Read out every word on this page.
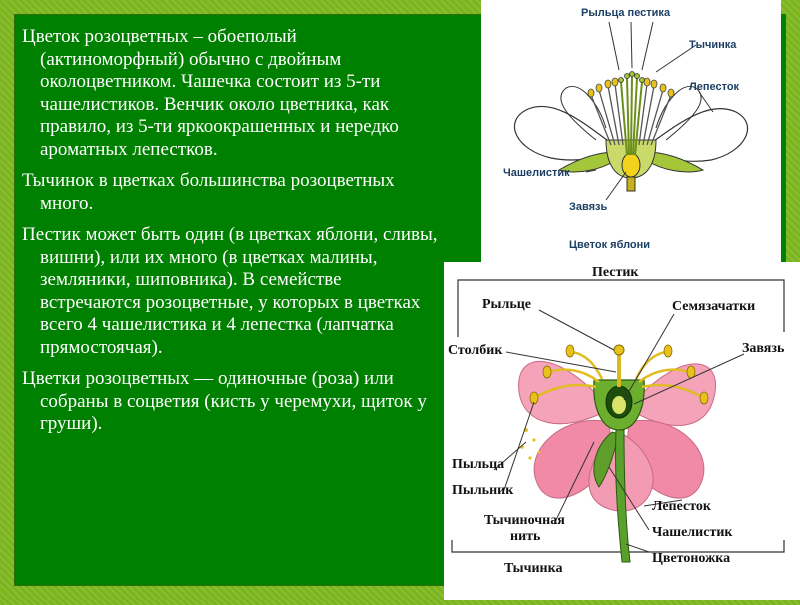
Цветок розоцветных – обоеполый (актиноморфный) обычно с двойным околоцветником. Чашечка состоит из 5-ти чашелистиков. Венчик около цветника, как правило, из 5-ти яркоокрашенных и нередко ароматных лепестков.

Тычинок в цветках большинства розоцветных много.

Пестик может быть один (в цветках яблони, сливы, вишни), или их много (в цветках малины, земляники, шиповника). В семействе встречаются розоцветные, у которых в цветках всего 4 чашелистика и 4 лепестка (лапчатка прямостоячая).

Цветки розоцветных — одиночные (роза) или собраны в соцветия (кисть у черемухи, щиток у груши).

Рыльца пестика
Тычинка
Лепесток
Чашелистик
Завязь
Цветок яблони
Пестик
Рыльце	Семязачатки
Столбик	Завязь
Пыльца
Пыльник
Лепесток
Тычиночная
нить	Чашелистик
Цветоножка
Тычинка
